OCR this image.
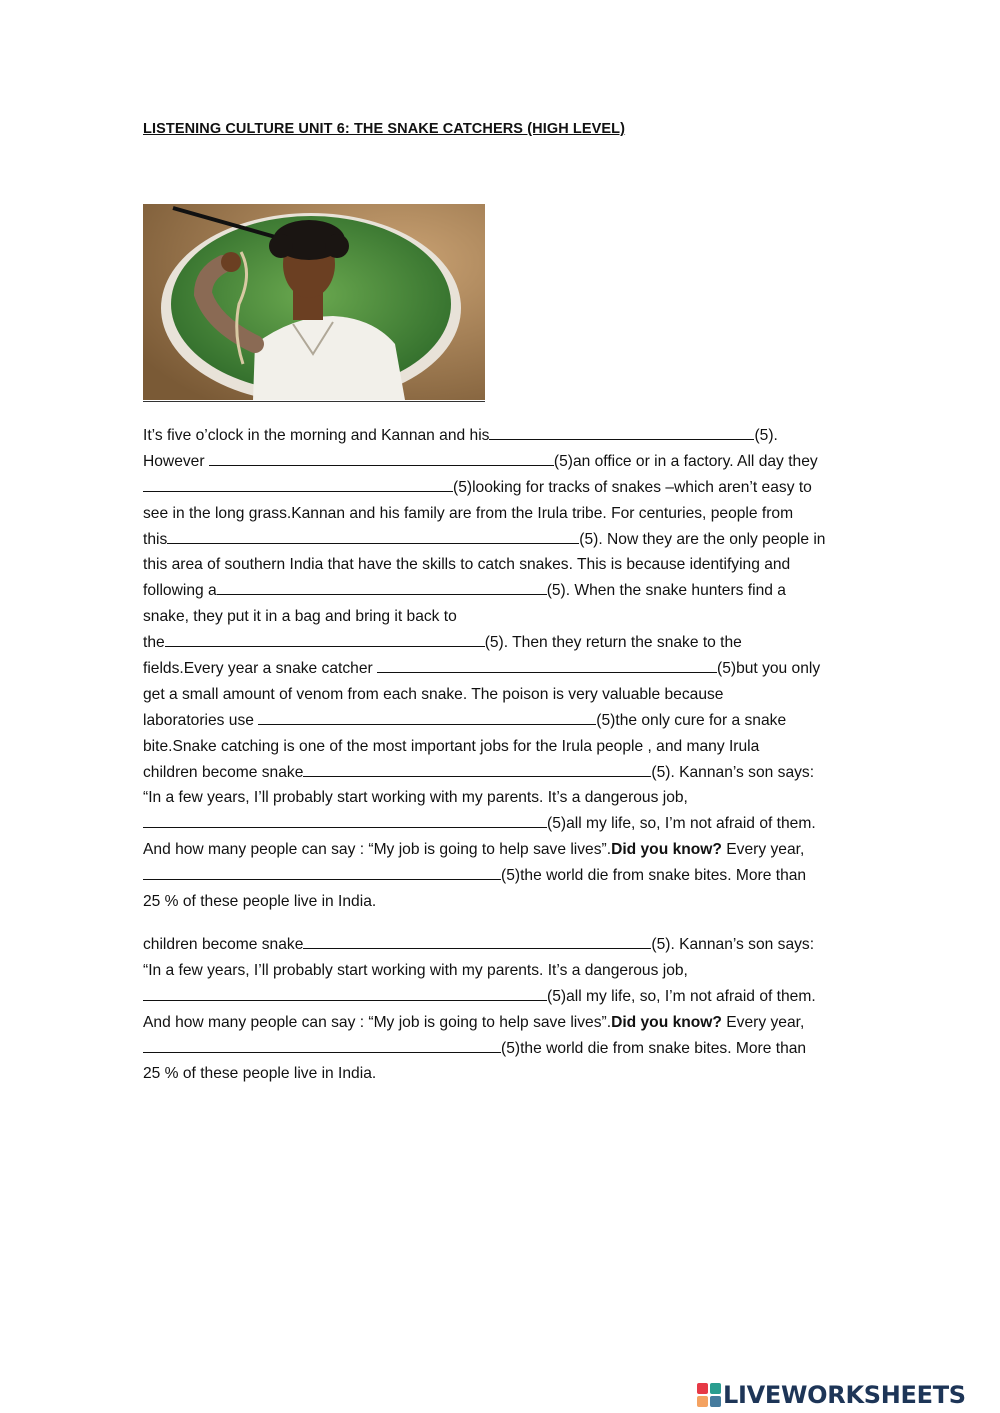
LISTENING CULTURE UNIT 6: THE SNAKE CATCHERS (HIGH LEVEL)
It’s five o’clock in the morning and Kannan and his	(5).
However	(5)an office or in a factory. All day they
(5)looking for tracks of snakes –which aren’t easy to
see in the long grass.Kannan and his family are from the Irula tribe. For centuries, people from
this	(5). Now they are the only people in
this area of southern India that have the skills to catch snakes. This is because identifying and
following a	(5). When the snake hunters find a
snake, they put it in a bag and bring it back to
the	(5). Then they return the snake to the
fields.Every year a snake catcher	(5)but you only
get a small amount of venom from each snake. The poison is very valuable because
laboratories use	(5)the only cure for a snake
bite.Snake catching is one of the most important jobs for the Irula people , and many Irula
children become snake	(5). Kannan’s son says:
“In a few years, I’ll probably start working with my parents. It’s a dangerous job,
(5)all my life, so, I’m not afraid of them.
And how many people can say : “My job is going to help save lives”.Did you know? Every year,
(5)the world die from snake bites. More than
25 % of these people live in India.
children become snake	(5). Kannan’s son says:
“In a few years, I’ll probably start working with my parents. It’s a dangerous job,
(5)all my life, so, I’m not afraid of them.
And how many people can say : “My job is going to help save lives”.Did you know? Every year,
(5)the world die from snake bites. More than
25 % of these people live in India.
LIVEWORKSHEETS
